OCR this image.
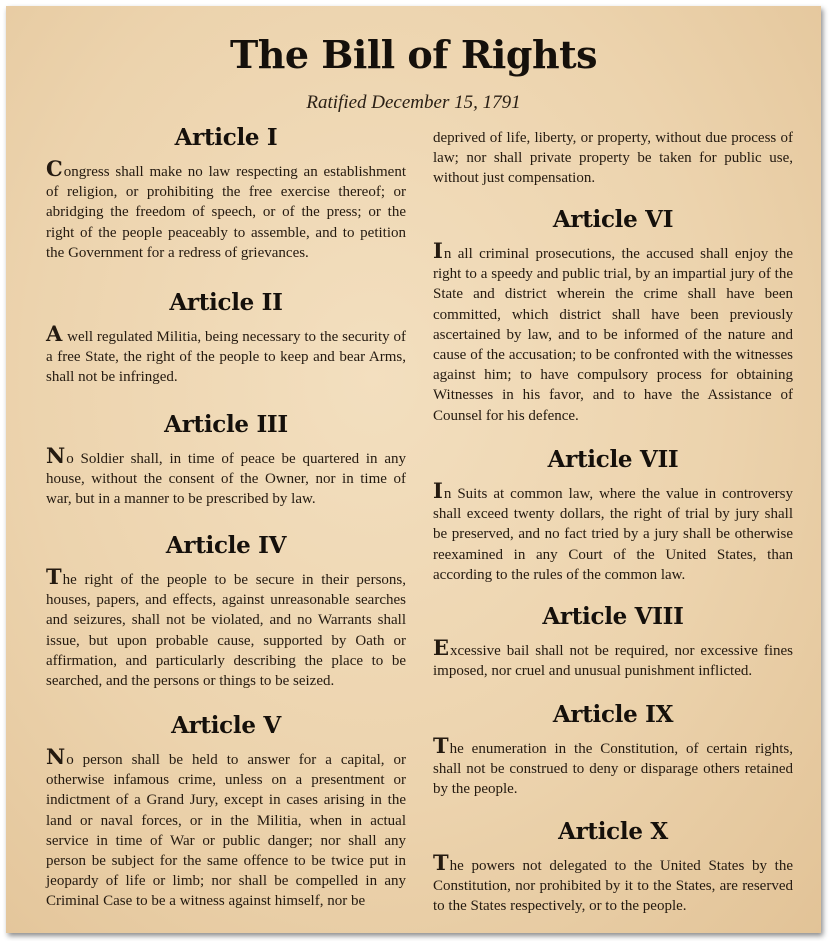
The Bill of Rights
Ratified December 15, 1791
Article I

Congress shall make no law respecting an establishment of religion, or prohibiting the free exercise thereof; or abridging the freedom of speech, or of the press; or the right of the people peaceably to assemble, and to petition the Government for a redress of grievances.

Article II

A well regulated Militia, being necessary to the security of a free State, the right of the people to keep and bear Arms, shall not be infringed.

Article III

No Soldier shall, in time of peace be quartered in any house, without the consent of the Owner, nor in time of war, but in a manner to be prescribed by law.

Article IV

The right of the people to be secure in their persons, houses, papers, and effects, against unreasonable searches and seizures, shall not be violated, and no Warrants shall issue, but upon probable cause, supported by Oath or affirmation, and particularly describing the place to be searched, and the persons or things to be seized.

Article V

No person shall be held to answer for a capital, or otherwise infamous crime, unless on a presentment or indictment of a Grand Jury, except in cases arising in the land or naval forces, or in the Militia, when in actual service in time of War or public danger; nor shall any person be subject for the same offence to be twice put in jeopardy of life or limb; nor shall be compelled in any Criminal Case to be a witness against himself, nor be

deprived of life, liberty, or property, without due process of law; nor shall private property be taken for public use, without just compensation.

Article VI

In all criminal prosecutions, the accused shall enjoy the right to a speedy and public trial, by an impartial jury of the State and district wherein the crime shall have been committed, which district shall have been previously ascertained by law, and to be informed of the nature and cause of the accusation; to be confronted with the witnesses against him; to have compulsory process for obtaining Witnesses in his favor, and to have the Assistance of Counsel for his defence.

Article VII

In Suits at common law, where the value in controversy shall exceed twenty dollars, the right of trial by jury shall be preserved, and no fact tried by a jury shall be otherwise reexamined in any Court of the United States, than according to the rules of the common law.

Article VIII

Excessive bail shall not be required, nor excessive fines imposed, nor cruel and unusual punishment inflicted.

Article IX

The enumeration in the Constitution, of certain rights, shall not be construed to deny or disparage others retained by the people.

Article X

The powers not delegated to the United States by the Constitution, nor prohibited by it to the States, are reserved to the States respectively, or to the people.
